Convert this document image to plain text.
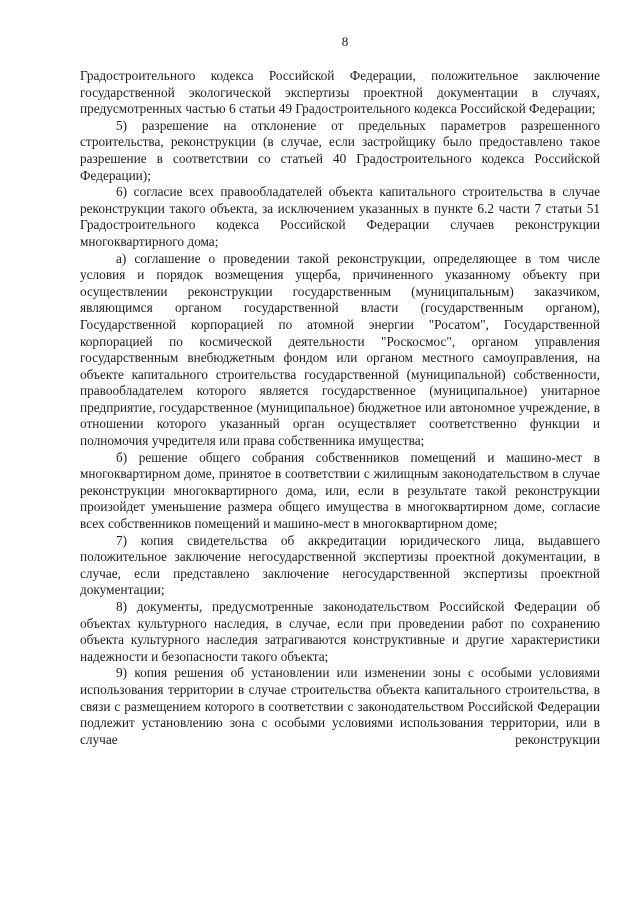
8

Градостроительного кодекса Российской Федерации, положительное заключение государственной экологической экспертизы проектной документации в случаях, предусмотренных частью 6 статьи 49 Градостроительного кодекса Российской Федерации;

5) разрешение на отклонение от предельных параметров разрешенного строительства, реконструкции (в случае, если застройщику было предоставлено такое разрешение в соответствии со статьей 40 Градостроительного кодекса Российской Федерации);

6) согласие всех правообладателей объекта капитального строительства в случае реконструкции такого объекта, за исключением указанных в пункте 6.2 части 7 статьи 51 Градостроительного кодекса Российской Федерации случаев реконструкции многоквартирного дома;

а) соглашение о проведении такой реконструкции, определяющее в том числе условия и порядок возмещения ущерба, причиненного указанному объекту при осуществлении реконструкции государственным (муниципальным) заказчиком, являющимся органом государственной власти (государственным органом), Государственной корпорацией по атомной энергии "Росатом", Государственной корпорацией по космической деятельности "Роскосмос", органом управления государственным внебюджетным фондом или органом местного самоуправления, на объекте капитального строительства государственной (муниципальной) собственности, правообладателем которого является государственное (муниципальное) унитарное предприятие, государственное (муниципальное) бюджетное или автономное учреждение, в отношении которого указанный орган осуществляет соответственно функции и полномочия учредителя или права собственника имущества;

б) решение общего собрания собственников помещений и машино-мест в многоквартирном доме, принятое в соответствии с жилищным законодательством в случае реконструкции многоквартирного дома, или, если в результате такой реконструкции произойдет уменьшение размера общего имущества в многоквартирном доме, согласие всех собственников помещений и машино-мест в многоквартирном доме;

7) копия свидетельства об аккредитации юридического лица, выдавшего положительное заключение негосударственной экспертизы проектной документации, в случае, если представлено заключение негосударственной экспертизы проектной документации;

8) документы, предусмотренные законодательством Российской Федерации об объектах культурного наследия, в случае, если при проведении работ по сохранению объекта культурного наследия затрагиваются конструктивные и другие характеристики надежности и безопасности такого объекта;

9) копия решения об установлении или изменении зоны с особыми условиями использования территории в случае строительства объекта капитального строительства, в связи с размещением которого в соответствии с законодательством Российской Федерации подлежит установлению зона с особыми условиями использования территории, или в случае реконструкции
